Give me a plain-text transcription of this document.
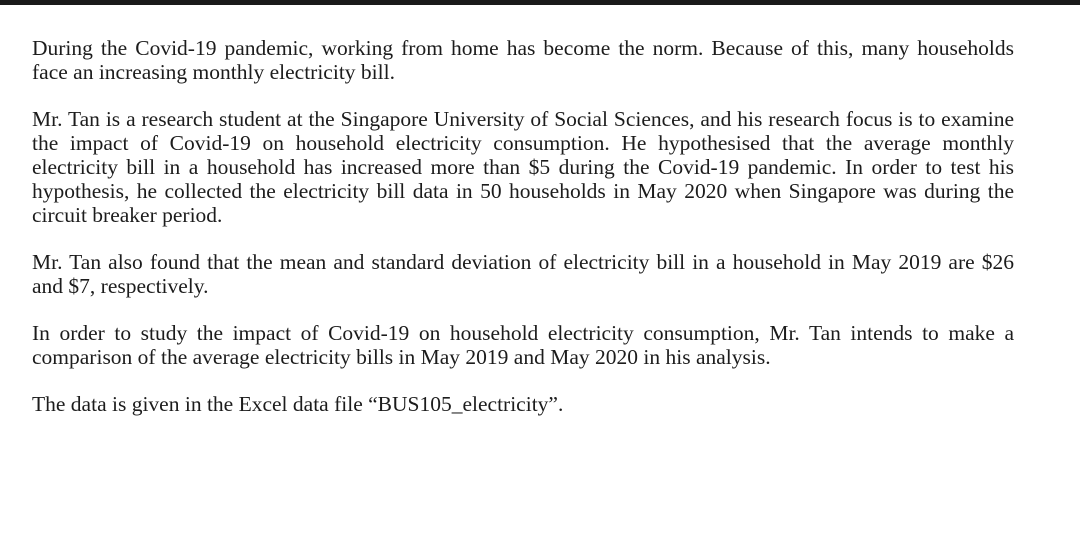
During the Covid-19 pandemic, working from home has become the norm. Because of this, many households face an increasing monthly electricity bill.

Mr. Tan is a research student at the Singapore University of Social Sciences, and his research focus is to examine the impact of Covid-19 on household electricity consumption. He hypothesised that the average monthly electricity bill in a household has increased more than $5 during the Covid-19 pandemic. In order to test his hypothesis, he collected the electricity bill data in 50 households in May 2020 when Singapore was during the circuit breaker period.

Mr. Tan also found that the mean and standard deviation of electricity bill in a household in May 2019 are $26 and $7, respectively.

In order to study the impact of Covid-19 on household electricity consumption, Mr. Tan intends to make a comparison of the average electricity bills in May 2019 and May 2020 in his analysis.

The data is given in the Excel data file “BUS105_electricity”.
